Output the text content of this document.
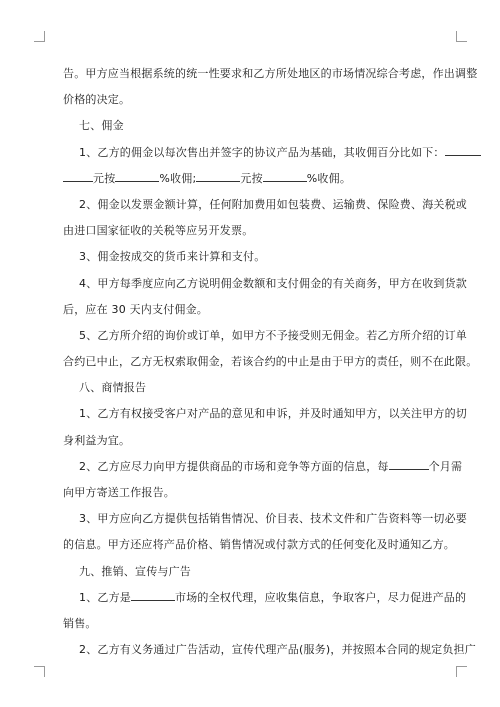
告。甲方应当根据系统的统一性要求和乙方所处地区的市场情况综合考虑，作出调整
价格的决定。
七、佣金
1、乙方的佣金以每次售出并签字的协议产品为基础，其收佣百分比如下：
元按	%收佣;	元按	%收佣。
2、佣金以发票金额计算，任何附加费用如包装费、运输费、保险费、海关税或
由进口国家征收的关税等应另开发票。
3、佣金按成交的货币来计算和支付。
4、甲方每季度应向乙方说明佣金数额和支付佣金的有关商务，甲方在收到货款
后，应在 30 天内支付佣金。
5、乙方所介绍的询价或订单，如甲方不予接受则无佣金。若乙方所介绍的订单
合约已中止，乙方无权索取佣金，若该合约的中止是由于甲方的责任，则不在此限。
八、商情报告
1、乙方有权接受客户对产品的意见和申诉，并及时通知甲方，以关注甲方的切
身利益为宜。
2、乙方应尽力向甲方提供商品的市场和竞争等方面的信息，每	个月需
向甲方寄送工作报告。
3、甲方应向乙方提供包括销售情况、价目表、技术文件和广告资料等一切必要
的信息。甲方还应将产品价格、销售情况或付款方式的任何变化及时通知乙方。
九、推销、宣传与广告
1、乙方是	市场的全权代理，应收集信息，争取客户，尽力促进产品的
销售。
2、乙方有义务通过广告活动，宣传代理产品(服务)，并按照本合同的规定负担广
